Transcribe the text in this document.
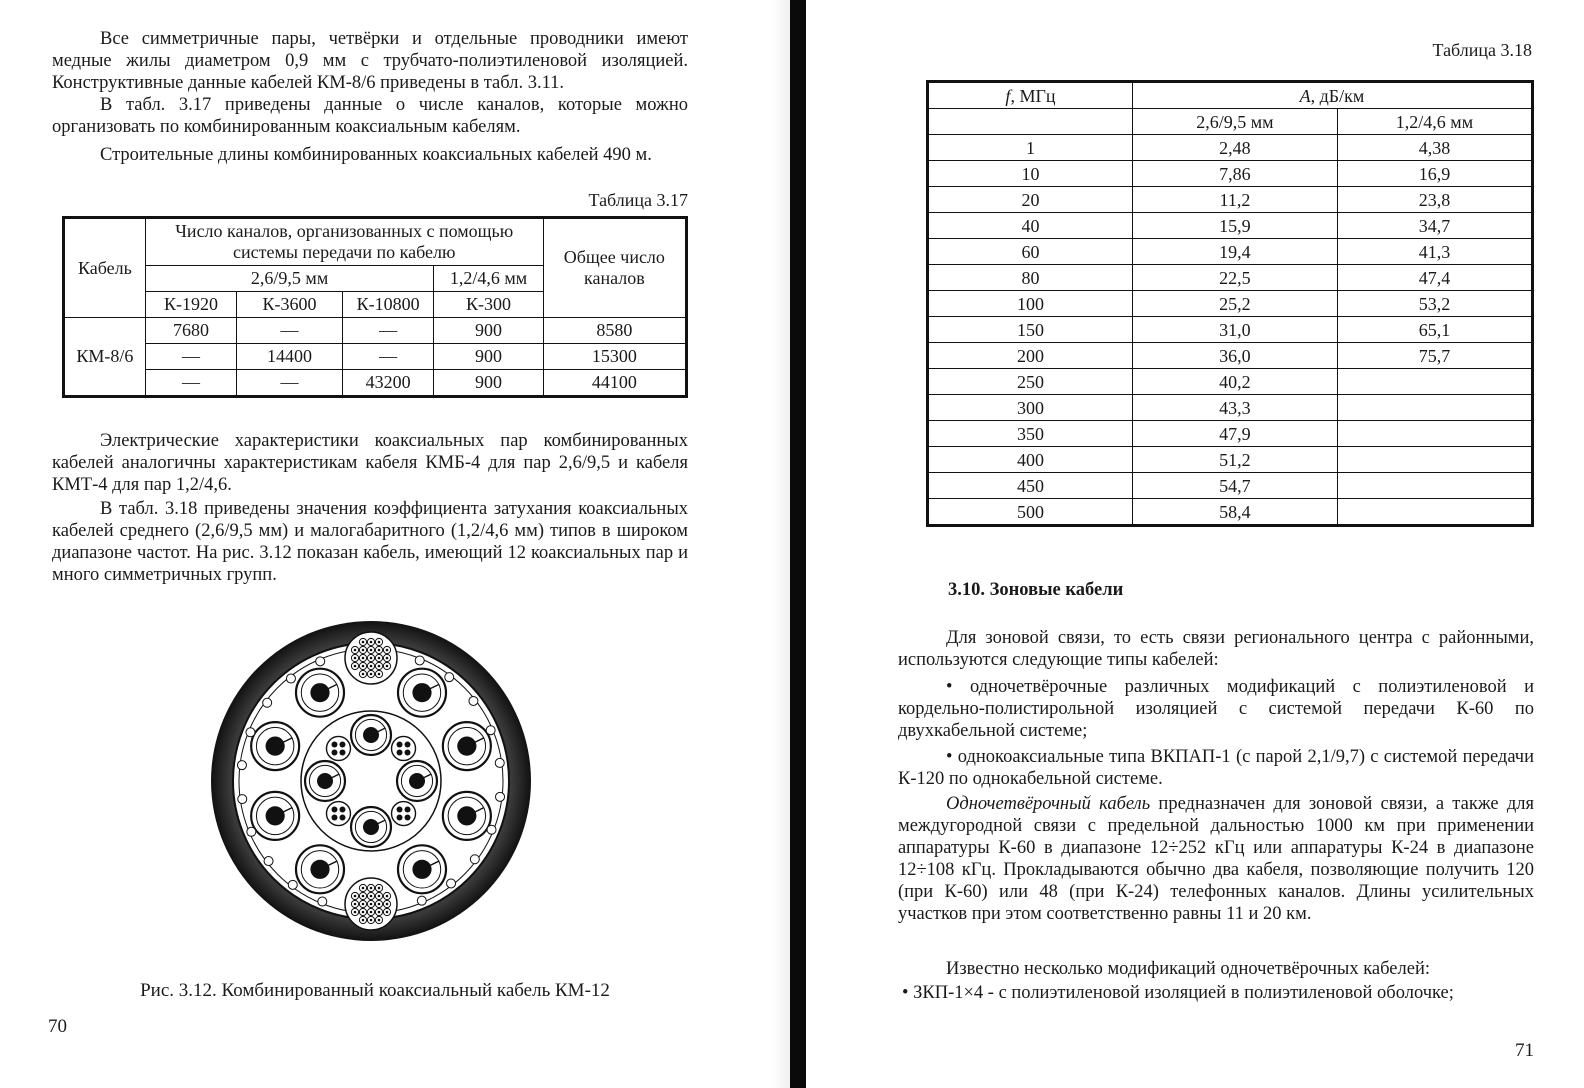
Все симметричные пары, четвёрки и отдельные проводники имеют медные жилы диаметром 0,9 мм с трубчато-полиэтиленовой изоляцией. Конструктивные данные кабелей КМ-8/6 приведены в табл. 3.11.

В табл. 3.17 приведены данные о числе каналов, которые можно организовать по комбинированным коаксиальным кабелям.

Строительные длины комбинированных коаксиальных кабелей 490 м.

Таблица 3.17
Кабель	Число каналов, организованных с помощью системы передачи по кабелю				Общее число каналов
	2,6/9,5 мм			1,2/4,6 мм	
	К-1920	К-3600	К-10800	К-300	
КМ-8/6	7680	—	—	900	8580
	—	14400	—	900	15300
	—	—	43200	900	44100

Электрические характеристики коаксиальных пар комбинированных кабелей аналогичны характеристикам кабеля КМБ-4 для пар 2,6/9,5 и кабеля КМТ-4 для пар 1,2/4,6.

В табл. 3.18 приведены значения коэффициента затухания коаксиальных кабелей среднего (2,6/9,5 мм) и малогабаритного (1,2/4,6 мм) типов в широком диапазоне частот. На рис. 3.12 показан кабель, имеющий 12 коаксиальных пар и много симметричных групп.

Рис. 3.12. Комбинированный коаксиальный кабель КМ-12

70
Таблица 3.18
f, МГц	A, дБ/км	
	2,6/9,5 мм	1,2/4,6 мм
1	2,48	4,38
10	7,86	16,9
20	11,2	23,8
40	15,9	34,7
60	19,4	41,3
80	22,5	47,4
100	25,2	53,2
150	31,0	65,1
200	36,0	75,7
250	40,2	
300	43,3	
350	47,9	
400	51,2	
450	54,7	
500	58,4	
3.10. Зоновые кабели

Для зоновой связи, то есть связи регионального центра с районными, используются следующие типы кабелей:

• одночетвёрочные различных модификаций с полиэтиленовой и кордельно-полистирольной изоляцией с системой передачи К-60 по двухкабельной системе;

• однокоаксиальные типа ВКПАП-1 (с парой 2,1/9,7) с системой передачи К-120 по однокабельной системе.

Одночетвёрочный кабель предназначен для зоновой связи, а также для междугородной связи с предельной дальностью 1000 км при применении аппаратуры К-60 в диапазоне 12÷252 кГц или аппаратуры К-24 в диапазоне 12÷108 кГц. Прокладываются обычно два кабеля, позволяющие получить 120 (при К-60) или 48 (при К-24) телефонных каналов. Длины усилительных участков при этом соответственно равны 11 и 20 км.

Известно несколько модификаций одночетвёрочных кабелей:

• ЗКП-1×4 - с полиэтиленовой изоляцией в полиэтиленовой оболочке;

71
